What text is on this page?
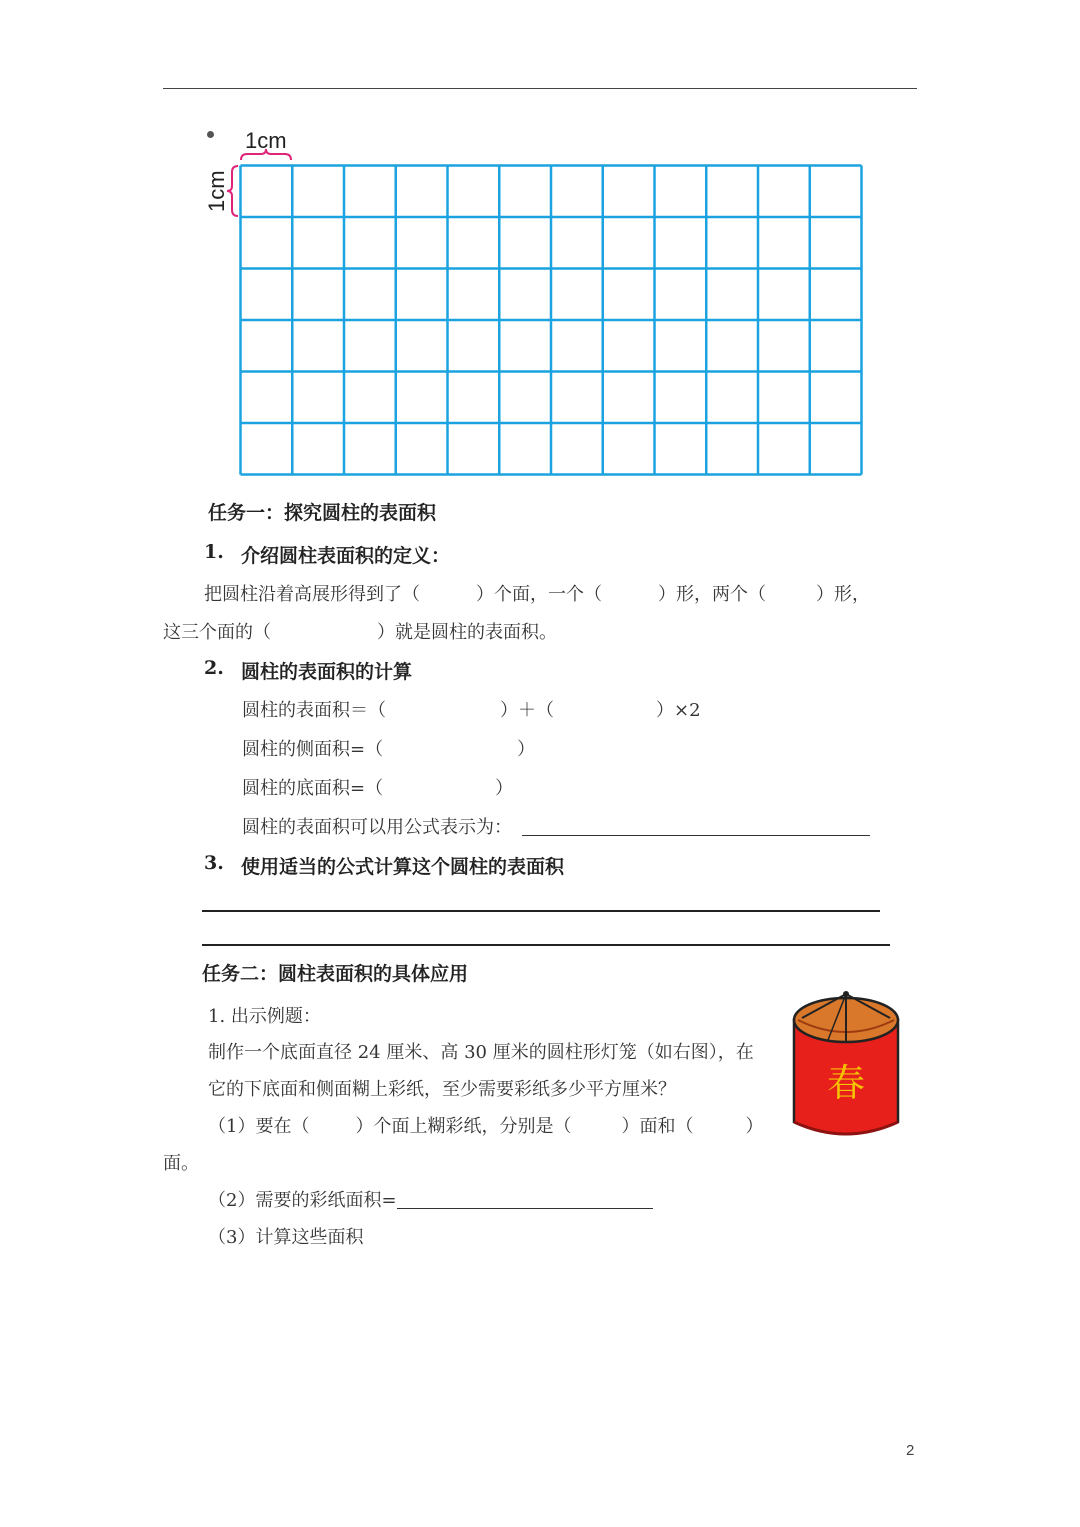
1cm
1cm
任务一：探究圆柱的表面积
1. 介绍圆柱表面积的定义：
把圆柱沿着高展形得到了（	）个面，一个（	）形，两个（	）形，
这三个面的（	）就是圆柱的表面积。
2. 圆柱的表面积的计算
圆柱的表面积＝（	）＋（	）×2
圆柱的侧面积=（	）
圆柱的底面积=（	）
圆柱的表面积可以用公式表示为：
3. 使用适当的公式计算这个圆柱的表面积
任务二：圆柱表面积的具体应用
1. 出示例题：
制作一个底面直径 24 厘米、高 30 厘米的圆柱形灯笼（如右图），在
它的下底面和侧面糊上彩纸，至少需要彩纸多少平方厘米？
（1）要在（	）个面上糊彩纸，分别是（	）面和（	）
面。
（2）需要的彩纸面积=
（3）计算这些面积
春
2
